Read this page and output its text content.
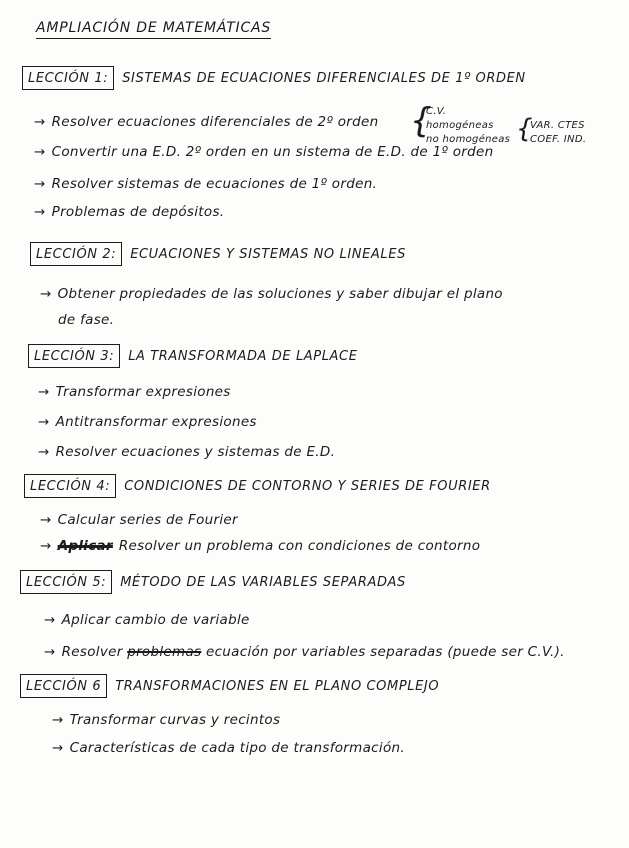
AMPLIACIÓN DE MATEMÁTICAS
LECCIÓN 1:	SISTEMAS DE ECUACIONES DIFERENCIALES DE 1º ORDEN
→ Resolver ecuaciones diferenciales de 2º orden {
C.V.
homogéneas
no homogéneas {
VAR. CTES
COEF. IND.
→ Convertir una E.D. 2º orden en un sistema de E.D. de 1º orden
→ Resolver sistemas de ecuaciones de 1º orden.
→ Problemas de depósitos.
LECCIÓN 2:	ECUACIONES Y SISTEMAS NO LINEALES
→ Obtener propiedades de las soluciones y saber dibujar el plano
de fase.
LECCIÓN 3:	LA TRANSFORMADA DE LAPLACE
→ Transformar expresiones
→ Antitransformar expresiones
→ Resolver ecuaciones y sistemas de E.D.
LECCIÓN 4:	CONDICIONES DE CONTORNO Y SERIES DE FOURIER
→ Calcular series de Fourier
→ Aplicar Resolver un problema con condiciones de contorno
LECCIÓN 5:	MÉTODO DE LAS VARIABLES SEPARADAS
→ Aplicar cambio de variable
→ Resolver problemas ecuación por variables separadas (puede ser C.V.).
LECCIÓN 6	TRANSFORMACIONES EN EL PLANO COMPLEJO
→ Transformar curvas y recintos
→ Características de cada tipo de transformación.
